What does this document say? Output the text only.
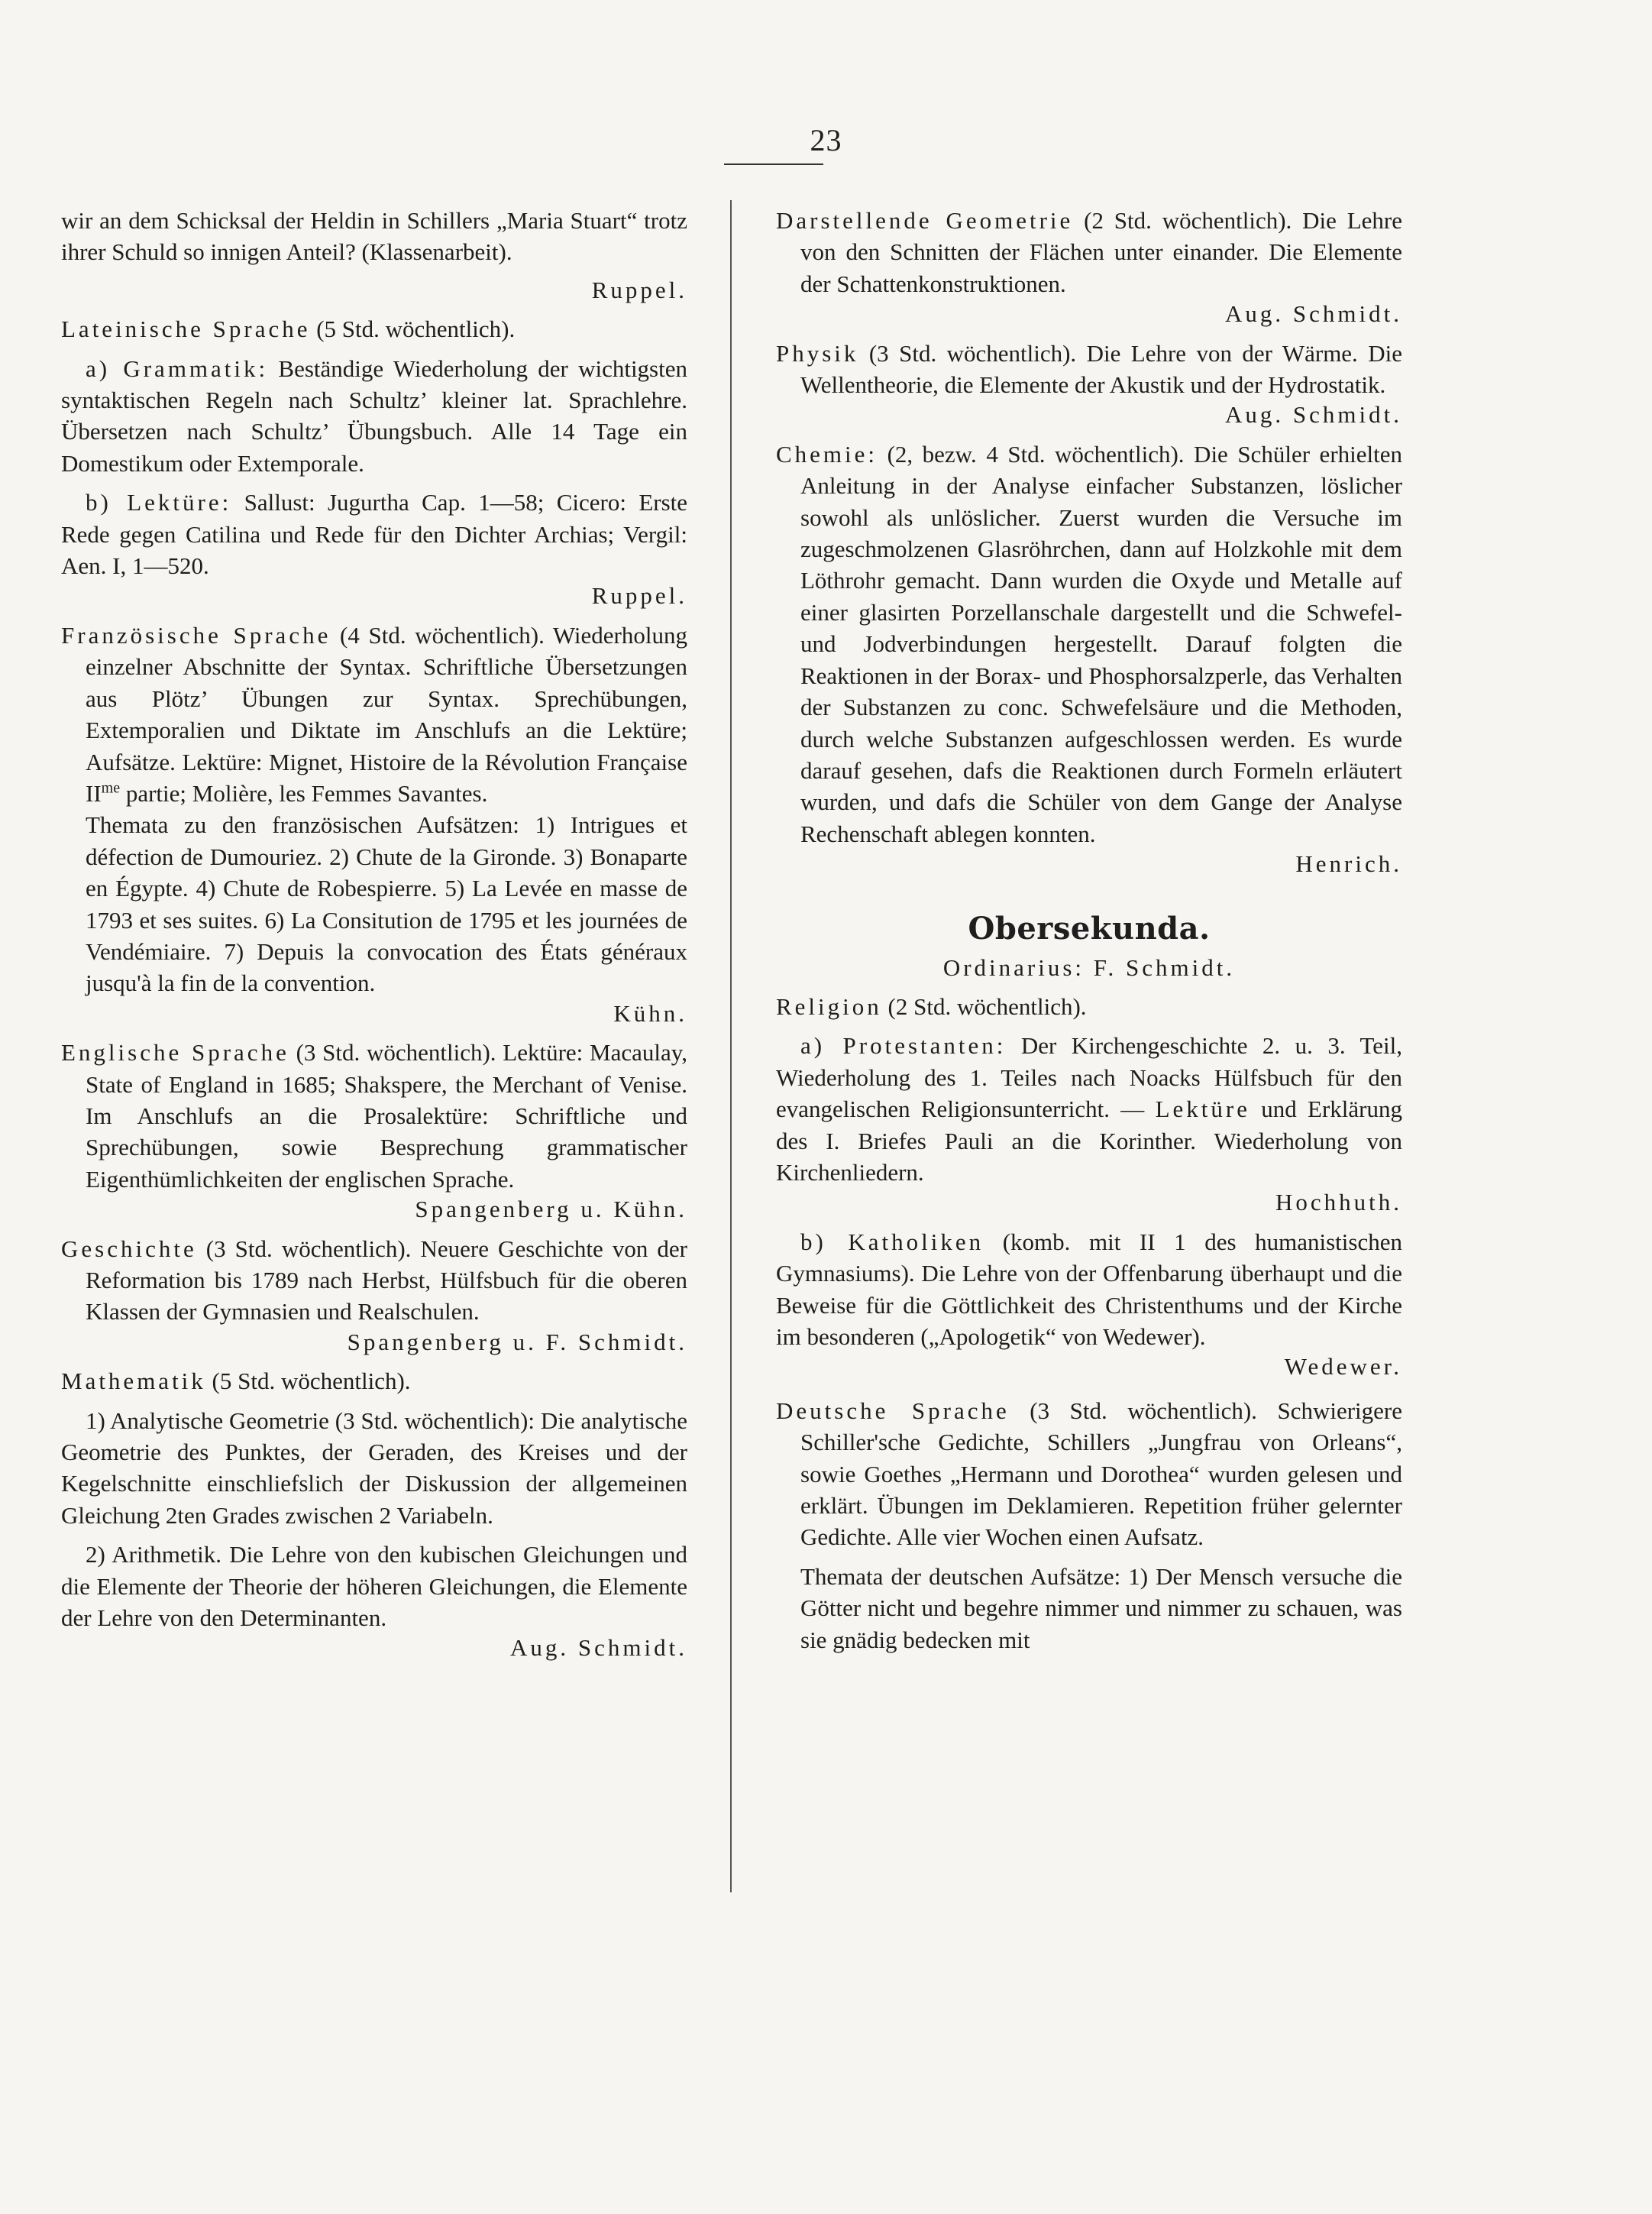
23

wir an dem Schicksal der Heldin in Schillers „Maria Stuart“ trotz ihrer Schuld so innigen Anteil? (Klassenarbeit).

Ruppel.

Lateinische Sprache (5 Std. wöchentlich).

a) Grammatik: Beständige Wiederholung der wichtigsten syntaktischen Regeln nach Schultz’ kleiner lat. Sprachlehre. Übersetzen nach Schultz’ Übungsbuch. Alle 14 Tage ein Domestikum oder Extemporale.

b) Lektüre: Sallust: Jugurtha Cap. 1—58; Cicero: Erste Rede gegen Catilina und Rede für den Dichter Archias; Vergil: Aen. I, 1—520.

Ruppel.

Französische Sprache (4 Std. wöchentlich). Wiederholung einzelner Abschnitte der Syntax. Schriftliche Übersetzungen aus Plötz’ Übungen zur Syntax. Sprechübungen, Extemporalien und Diktate im Anschlufs an die Lektüre; Aufsätze. Lektüre: Mignet, Histoire de la Révolution Française $II^{me}$ partie; Molière, les Femmes Savantes.

Themata zu den französischen Aufsätzen: 1) Intrigues et défection de Dumouriez. 2) Chute de la Gironde. 3) Bonaparte en Égypte. 4) Chute de Robespierre. 5) La Levée en masse de 1793 et ses suites. 6) La Consitution de 1795 et les journées de Vendémiaire. 7) Depuis la convocation des États généraux jusqu'à la fin de la convention.

Kühn.

Englische Sprache (3 Std. wöchentlich). Lektüre: Macaulay, State of England in 1685; Shakspere, the Merchant of Venise. Im Anschlufs an die Prosalektüre: Schriftliche und Sprechübungen, sowie Besprechung grammatischer Eigenthümlichkeiten der englischen Sprache.

Spangenberg u. Kühn.

Geschichte (3 Std. wöchentlich). Neuere Geschichte von der Reformation bis 1789 nach Herbst, Hülfsbuch für die oberen Klassen der Gymnasien und Realschulen.

Spangenberg u. F. Schmidt.

Mathematik (5 Std. wöchentlich).

1) Analytische Geometrie (3 Std. wöchentlich): Die analytische Geometrie des Punktes, der Geraden, des Kreises und der Kegelschnitte einschliefslich der Diskussion der allgemeinen Gleichung 2ten Grades zwischen 2 Variabeln.

2) Arithmetik. Die Lehre von den kubischen Gleichungen und die Elemente der Theorie der höheren Gleichungen, die Elemente der Lehre von den Determinanten.

Aug. Schmidt.

Darstellende Geometrie (2 Std. wöchentlich). Die Lehre von den Schnitten der Flächen unter einander. Die Elemente der Schattenkonstruktionen.

Aug. Schmidt.

Physik (3 Std. wöchentlich). Die Lehre von der Wärme. Die Wellentheorie, die Elemente der Akustik und der Hydrostatik.

Aug. Schmidt.

Chemie: (2, bezw. 4 Std. wöchentlich). Die Schüler erhielten Anleitung in der Analyse einfacher Substanzen, löslicher sowohl als unlöslicher. Zuerst wurden die Versuche im zugeschmolzenen Glasröhrchen, dann auf Holzkohle mit dem Löthrohr gemacht. Dann wurden die Oxyde und Metalle auf einer glasirten Porzellanschale dargestellt und die Schwefel- und Jodverbindungen hergestellt. Darauf folgten die Reaktionen in der Borax- und Phosphorsalzperle, das Verhalten der Substanzen zu conc. Schwefelsäure und die Methoden, durch welche Substanzen aufgeschlossen werden. Es wurde darauf gesehen, dafs die Reaktionen durch Formeln erläutert wurden, und dafs die Schüler von dem Gange der Analyse Rechenschaft ablegen konnten.

Henrich.
Obersekunda.
Ordinarius: F. Schmidt.

Religion (2 Std. wöchentlich).

a) Protestanten: Der Kirchengeschichte 2. u. 3. Teil, Wiederholung des 1. Teiles nach Noacks Hülfsbuch für den evangelischen Religionsunterricht. — Lektüre und Erklärung des I. Briefes Pauli an die Korinther. Wiederholung von Kirchenliedern.

Hochhuth.

b) Katholiken (komb. mit II 1 des humanistischen Gymnasiums). Die Lehre von der Offenbarung überhaupt und die Beweise für die Göttlichkeit des Christenthums und der Kirche im besonderen („Apologetik“ von Wedewer).

Wedewer.

Deutsche Sprache (3 Std. wöchentlich). Schwierigere Schiller'sche Gedichte, Schillers „Jungfrau von Orleans“, sowie Goethes „Hermann und Dorothea“ wurden gelesen und erklärt. Übungen im Deklamieren. Repetition früher gelernter Gedichte. Alle vier Wochen einen Aufsatz.

Themata der deutschen Aufsätze: 1) Der Mensch versuche die Götter nicht und begehre nimmer und nimmer zu schauen, was sie gnädig bedecken mit
